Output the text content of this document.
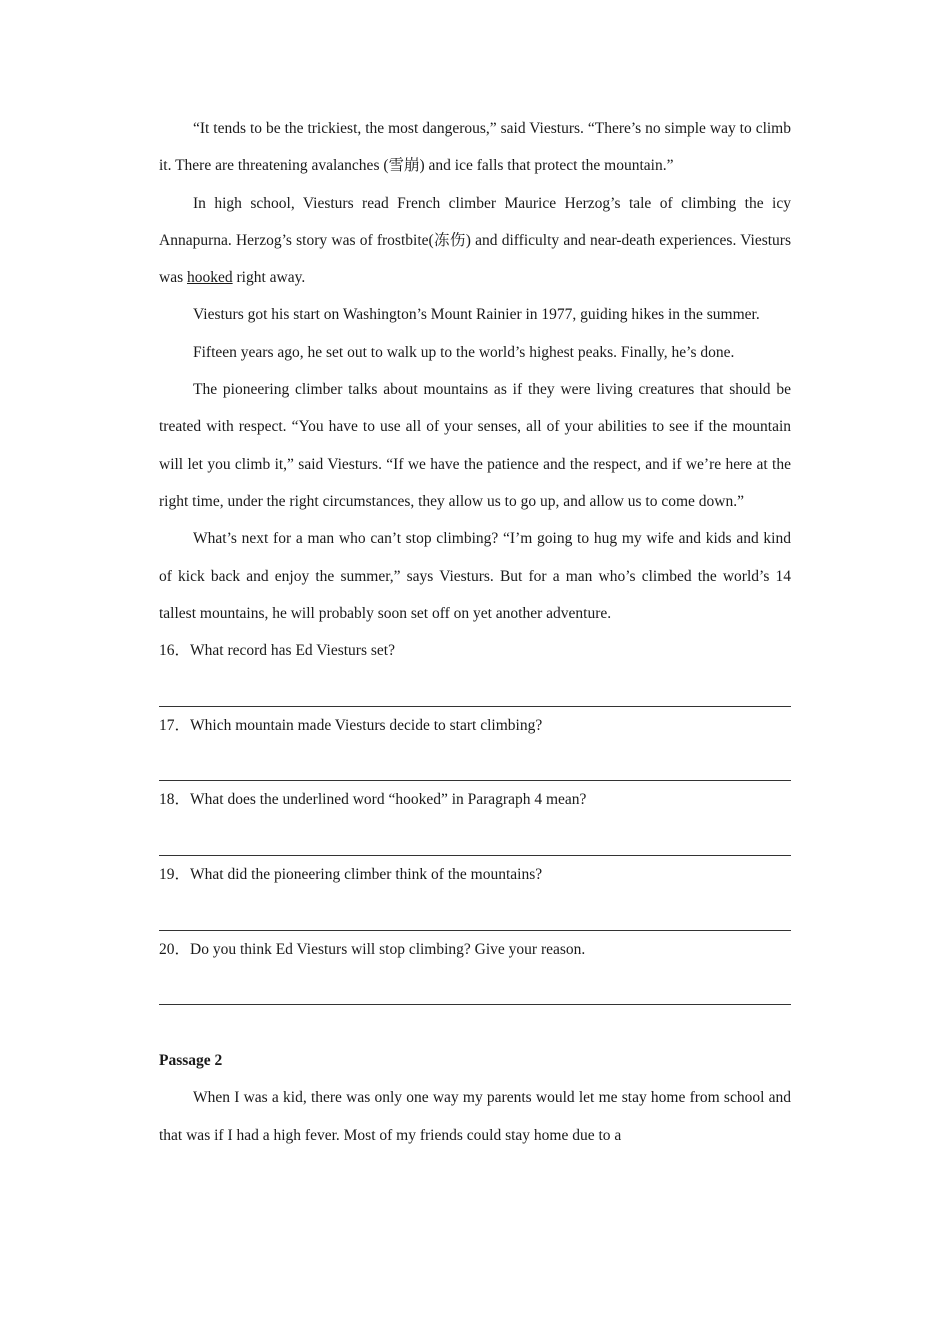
“It tends to be the trickiest, the most dangerous,” said Viesturs. “There’s no simple way to climb it. There are threatening avalanches (雪崩) and ice falls that protect the mountain.”

In high school, Viesturs read French climber Maurice Herzog’s tale of climbing the icy Annapurna. Herzog’s story was of frostbite(冻伤) and difficulty and near-death experiences. Viesturs was hooked right away.

Viesturs got his start on Washington’s Mount Rainier in 1977, guiding hikes in the summer.

Fifteen years ago, he set out to walk up to the world’s highest peaks. Finally, he’s done.

The pioneering climber talks about mountains as if they were living creatures that should be treated with respect. “You have to use all of your senses, all of your abilities to see if the mountain will let you climb it,” said Viesturs. “If we have the patience and the respect, and if we’re here at the right time, under the right circumstances, they allow us to go up, and allow us to come down.”

What’s next for a man who can’t stop climbing? “I’m going to hug my wife and kids and kind of kick back and enjoy the summer,” says Viesturs. But for a man who’s climbed the world’s 14 tallest mountains, he will probably soon set off on yet another adventure.

16．What record has Ed Viesturs set?

17．Which mountain made Viesturs decide to start climbing?

18．What does the underlined word “hooked” in Paragraph 4 mean?

19．What did the pioneering climber think of the mountains?

20．Do you think Ed Viesturs will stop climbing? Give your reason.

Passage 2

When I was a kid, there was only one way my parents would let me stay home from school and that was if I had a high fever. Most of my friends could stay home due to a
